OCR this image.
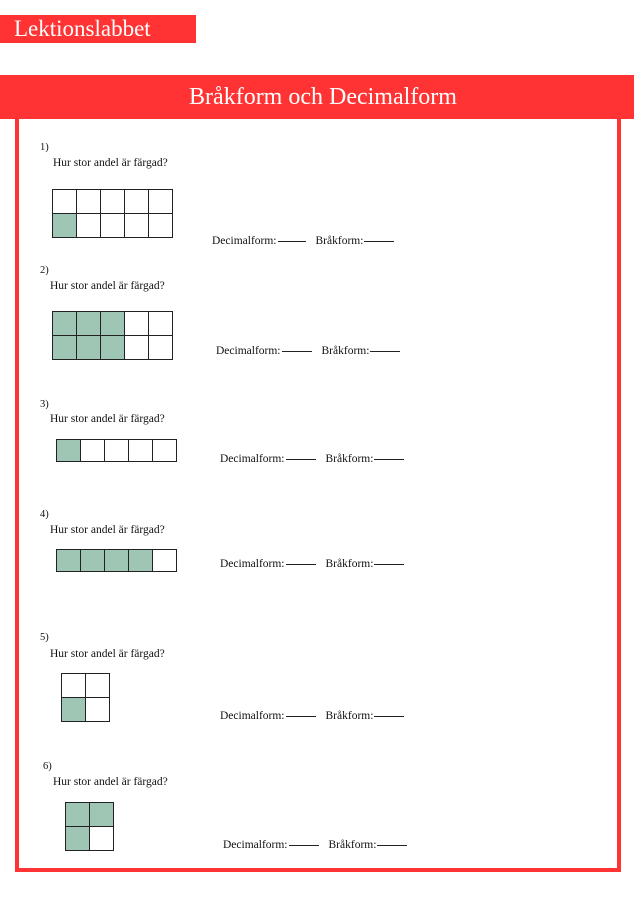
Lektionslabbet
Bråkform och Decimalform
1)
Hur stor andel är färgad?
Decimalform:	Bråkform:
2)
Hur stor andel är färgad?
Decimalform:	Bråkform:
3)
Hur stor andel är färgad?
Decimalform:	Bråkform:
4)
Hur stor andel är färgad?
Decimalform:	Bråkform:
5)
Hur stor andel är färgad?
Decimalform:	Bråkform:
6)
Hur stor andel är färgad?
Decimalform:	Bråkform:
